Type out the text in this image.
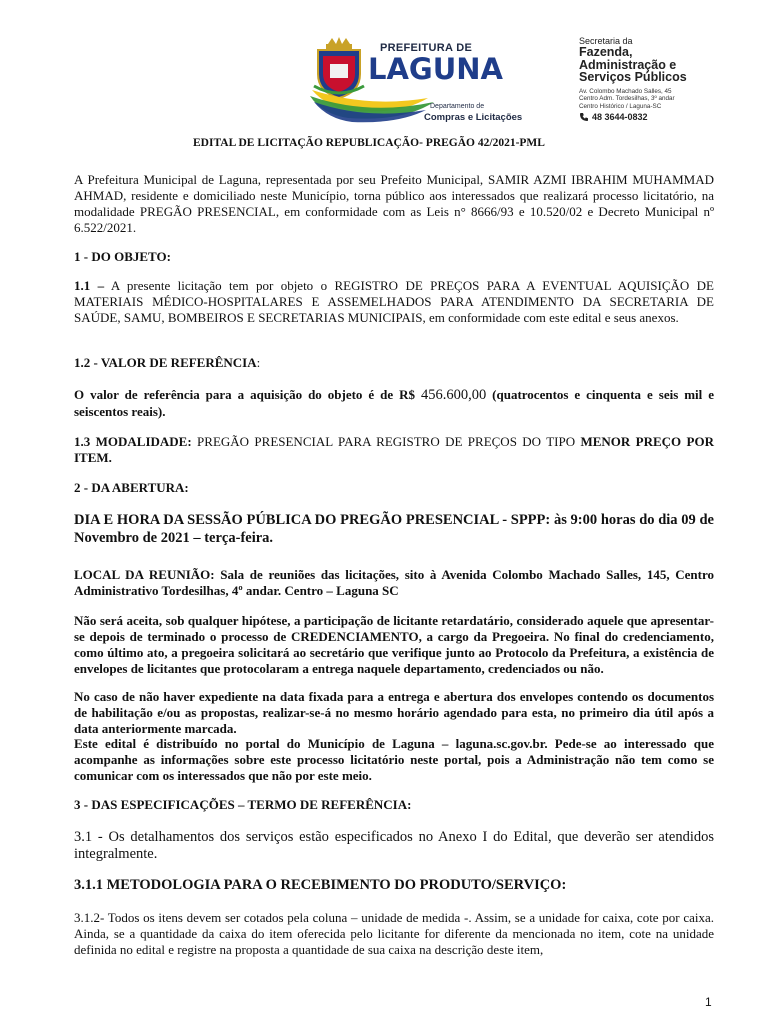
PREFEITURA DE
LAGUNA
Departamento de
Compras e Licitações
Secretaria da
Fazenda,
Administração e
Serviços Públicos
Av. Colombo Machado Salles, 45
Centro Adm. Tordesilhas, 3º andar
Centro Histórico / Laguna-SC
48 3644-0832
EDITAL DE LICITAÇÃO REPUBLICAÇÃO- PREGÃO 42/2021-PML

A Prefeitura Municipal de Laguna, representada por seu Prefeito Municipal, SAMIR AZMI IBRAHIM MUHAMMAD AHMAD, residente e domiciliado neste Município, torna público aos interessados que realizará processo licitatório, na modalidade PREGÃO PRESENCIAL, em conformidade com as Leis n° 8666/93 e 10.520/02 e Decreto Municipal nº 6.522/2021.

1 - DO OBJETO:

1.1 – A presente licitação tem por objeto o REGISTRO DE PREÇOS PARA A EVENTUAL AQUISIÇÃO DE MATERIAIS MÉDICO-HOSPITALARES E ASSEMELHADOS PARA ATENDIMENTO DA SECRETARIA DE SAÚDE, SAMU, BOMBEIROS E SECRETARIAS MUNICIPAIS, em conformidade com este edital e seus anexos.

1.2 - VALOR DE REFERÊNCIA:

O valor de referência para a aquisição do objeto é de R$ 456.600,00 (quatrocentos e cinquenta e seis mil e seiscentos reais).

1.3 MODALIDADE: PREGÃO PRESENCIAL PARA REGISTRO DE PREÇOS DO TIPO MENOR PREÇO POR ITEM.

2 - DA ABERTURA:

DIA E HORA DA SESSÃO PÚBLICA DO PREGÃO PRESENCIAL - SPPP: às 9:00 horas do dia 09 de Novembro de 2021 – terça-feira.

LOCAL DA REUNIÃO: Sala de reuniões das licitações, sito à Avenida Colombo Machado Salles, 145, Centro Administrativo Tordesilhas, 4º andar. Centro – Laguna SC

Não será aceita, sob qualquer hipótese, a participação de licitante retardatário, considerado aquele que apresentar-se depois de terminado o processo de CREDENCIAMENTO, a cargo da Pregoeira. No final do credenciamento, como último ato, a pregoeira solicitará ao secretário que verifique junto ao Protocolo da Prefeitura, a existência de envelopes de licitantes que protocolaram a entrega naquele departamento, credenciados ou não.

No caso de não haver expediente na data fixada para a entrega e abertura dos envelopes contendo os documentos de habilitação e/ou as propostas, realizar-se-á no mesmo horário agendado para esta, no primeiro dia útil após a data anteriormente marcada.

Este edital é distribuído no portal do Município de Laguna – laguna.sc.gov.br. Pede-se ao interessado que acompanhe as informações sobre este processo licitatório neste portal, pois a Administração não tem como se comunicar com os interessados que não por este meio.

3 - DAS ESPECIFICAÇÕES – TERMO DE REFERÊNCIA:

3.1 - Os detalhamentos dos serviços estão especificados no Anexo I do Edital, que deverão ser atendidos integralmente.

3.1.1 METODOLOGIA PARA O RECEBIMENTO DO PRODUTO/SERVIÇO:

3.1.2- Todos os itens devem ser cotados pela coluna – unidade de medida -. Assim, se a unidade for caixa, cote por caixa. Ainda, se a quantidade da caixa do item oferecida pelo licitante for diferente da mencionada no item, cote na unidade definida no edital e registre na proposta a quantidade de sua caixa na descrição deste item,

1
